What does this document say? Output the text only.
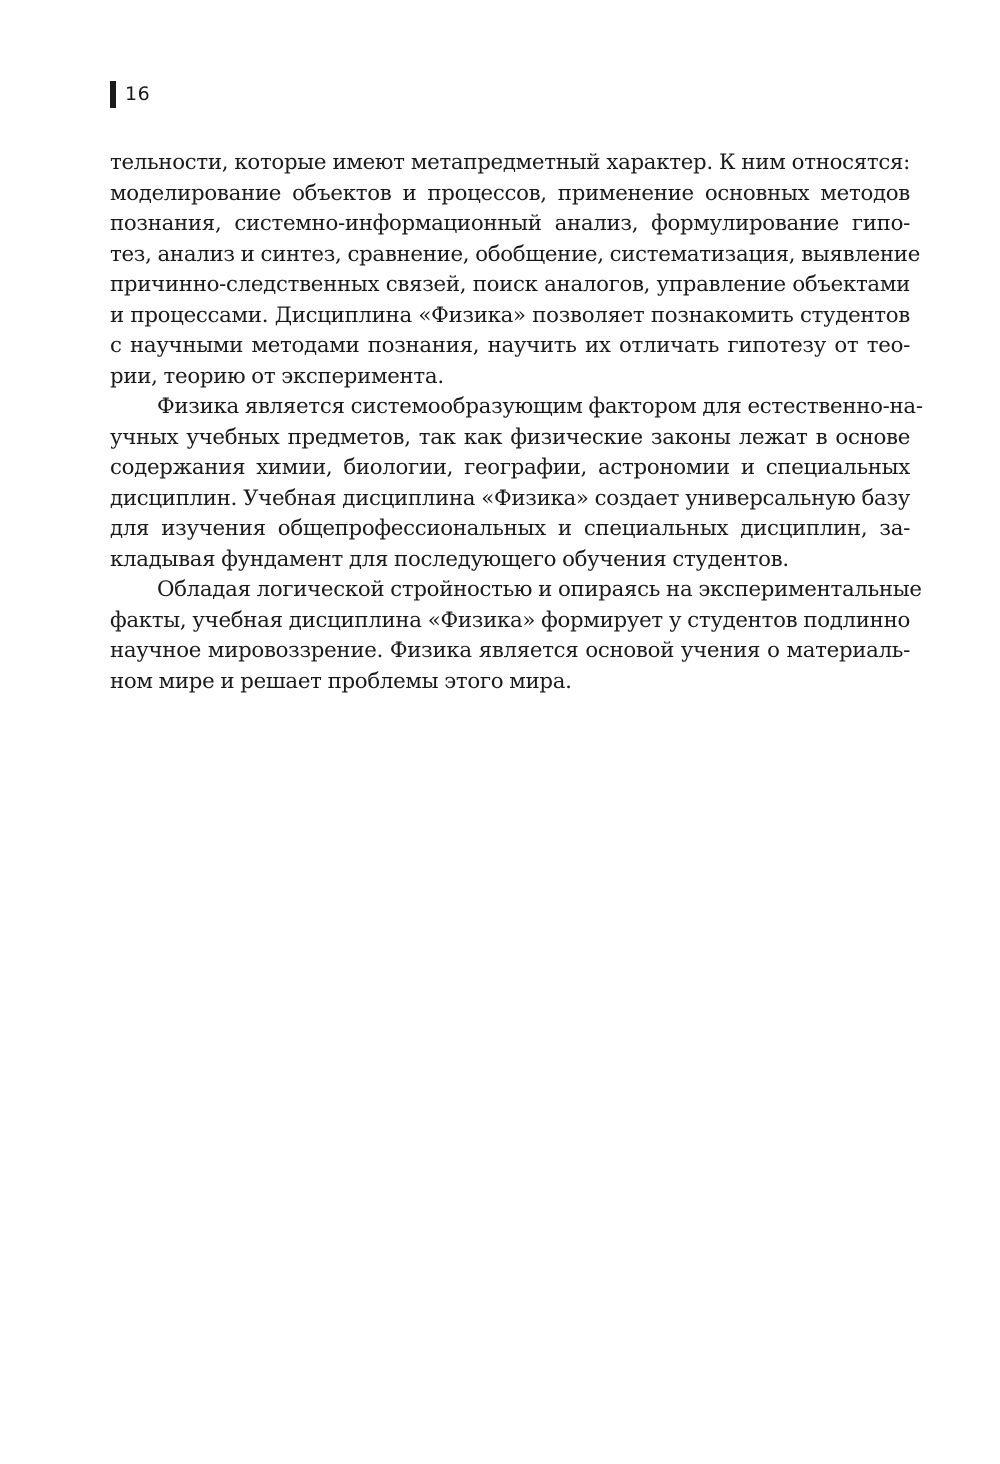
16
тельности, которые имеют метапредметный характер. К ним относятся:
моделирование объектов и процессов, применение основных методов
познания, системно-информационный анализ, формулирование гипо-
тез, анализ и синтез, сравнение, обобщение, систематизация, выявление
причинно-следственных связей, поиск аналогов, управление объектами
и процессами. Дисциплина «Физика» позволяет познакомить студентов
с научными методами познания, научить их отличать гипотезу от тео-
рии, теорию от эксперимента.
Физика является системообразующим фактором для естественно-на-
учных учебных предметов, так как физические законы лежат в основе
содержания химии, биологии, географии, астрономии и специальных
дисциплин. Учебная дисциплина «Физика» создает универсальную базу
для изучения общепрофессиональных и специальных дисциплин, за-
кладывая фундамент для последующего обучения студентов.
Обладая логической стройностью и опираясь на экспериментальные
факты, учебная дисциплина «Физика» формирует у студентов подлинно
научное мировоззрение. Физика является основой учения о материаль-
ном мире и решает проблемы этого мира.
